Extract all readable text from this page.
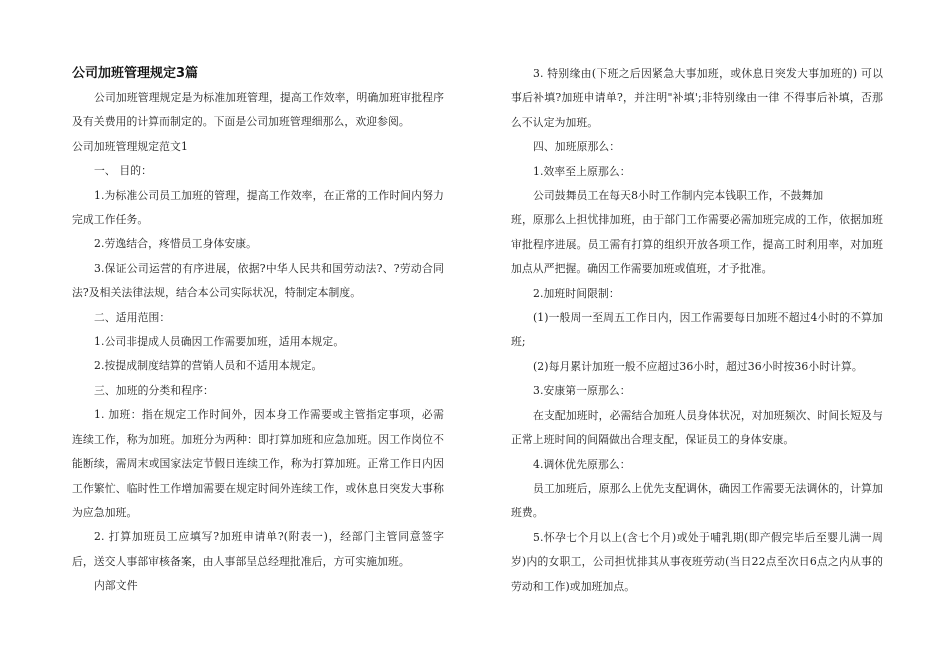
公司加班管理规定3篇

公司加班管理规定是为标准加班管理，提高工作效率，明确加班审批程序及有关费用的计算而制定的。下面是公司加班管理细那么，欢迎参阅。

公司加班管理规定范文1

一、 目的：

1.为标准公司员工加班的管理，提高工作效率，在正常的工作时间内努力完成工作任务。

2.劳逸结合，疼惜员工身体安康。

3.保证公司运营的有序进展，依据?中华人民共和国劳动法?、?劳动合同法?及相关法律法规，结合本公司实际状况，特制定本制度。

二、适用范围：

1.公司非提成人员确因工作需要加班，适用本规定。

2.按提成制度结算的营销人员和不适用本规定。

三、加班的分类和程序：

1. 加班：指在规定工作时间外，因本身工作需要或主管指定事项，必需连续工作，称为加班。加班分为两种：即打算加班和应急加班。因工作岗位不能断续，需周末或国家法定节假日连续工作，称为打算加班。正常工作日内因工作繁忙、临时性工作增加需要在规定时间外连续工作，或休息日突发大事称为应急加班。

2. 打算加班员工应填写?加班申请单?(附表一)，经部门主管同意签字后，送交人事部审核备案，由人事部呈总经理批准后，方可实施加班。

内部文件

3. 特别缘由(下班之后因紧急大事加班，或休息日突发大事加班的) 可以事后补填?加班申请单?，并注明"补填';非特别缘由一律 不得事后补填，否那么不认定为加班。

四、加班原那么：

1.效率至上原那么：

公司鼓舞员工在每天8小时工作制内完本钱职工作，不鼓舞加

班，原那么上担忧排加班，由于部门工作需要必需加班完成的工作，依据加班审批程序进展。员工需有打算的组织开放各项工作，提高工时利用率，对加班加点从严把握。确因工作需要加班或值班，才予批准。

2.加班时间限制：

(1)一般周一至周五工作日内，因工作需要每日加班不超过4小时的不算加班;

(2)每月累计加班一般不应超过36小时，超过36小时按36小时计算。

3.安康第一原那么：

在支配加班时，必需结合加班人员身体状况，对加班频次、时间长短及与正常上班时间的间隔做出合理支配，保证员工的身体安康。

4.调休优先原那么：

员工加班后，原那么上优先支配调休，确因工作需要无法调休的，计算加班费。

5.怀孕七个月以上(含七个月)或处于哺乳期(即产假完毕后至婴儿满一周岁)内的女职工，公司担忧排其从事夜班劳动(当日22点至次日6点之内从事的劳动和工作)或加班加点。
